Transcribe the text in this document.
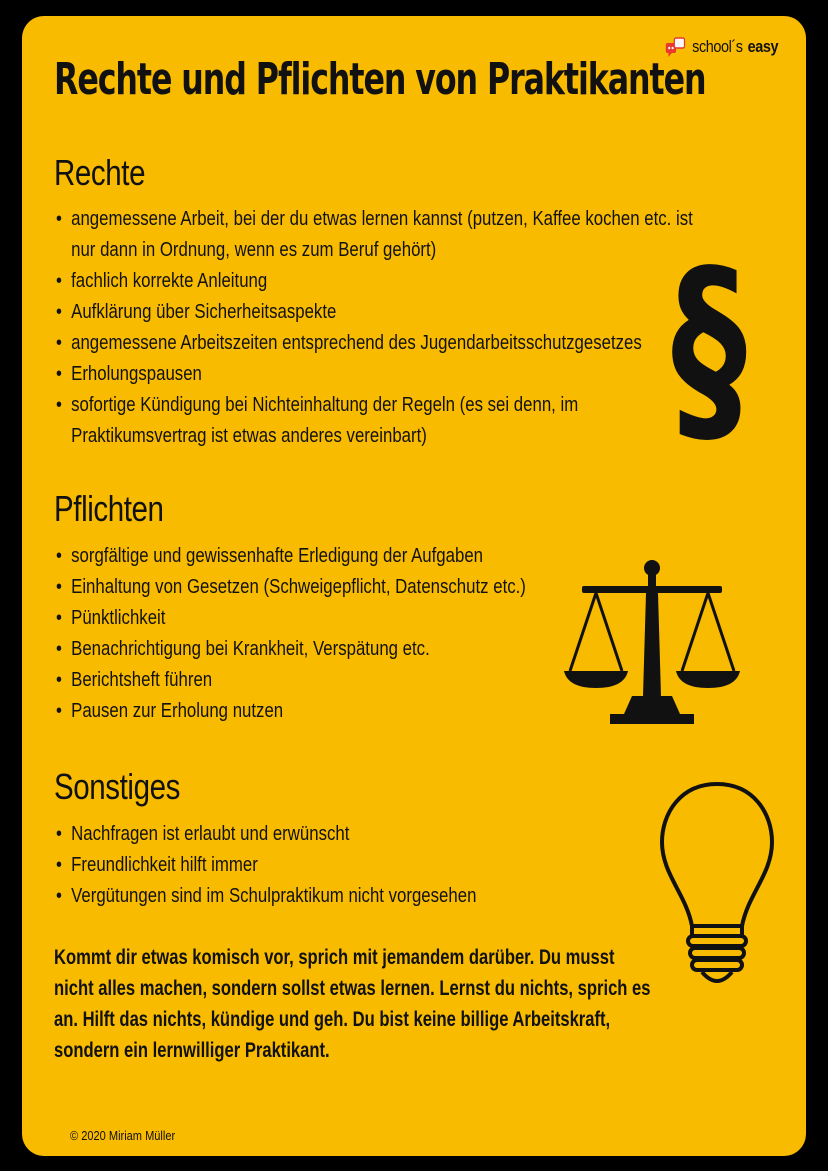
school´s easy
Rechte und Pflichten von Praktikanten
Rechte
• angemessene Arbeit, bei der du etwas lernen kannst (putzen, Kaffee kochen etc. ist nur dann in Ordnung, wenn es zum Beruf gehört)
• fachlich korrekte Anleitung
• Aufklärung über Sicherheitsaspekte
• angemessene Arbeitszeiten entsprechend des Jugendarbeitsschutzgesetzes
• Erholungspausen
• sofortige Kündigung bei Nichteinhaltung der Regeln (es sei denn, im Praktikumsvertrag ist etwas anderes vereinbart)	§
Pflichten
• sorgfältige und gewissenhafte Erledigung der Aufgaben
• Einhaltung von Gesetzen (Schweigepflicht, Datenschutz etc.)
• Pünktlichkeit
• Benachrichtigung bei Krankheit, Verspätung etc.
• Berichtsheft führen
• Pausen zur Erholung nutzen
Sonstiges
• Nachfragen ist erlaubt und erwünscht
• Freundlichkeit hilft immer
• Vergütungen sind im Schulpraktikum nicht vorgesehen

Kommt dir etwas komisch vor, sprich mit jemandem darüber. Du musst nicht alles machen, sondern sollst etwas lernen. Lernst du nichts, sprich es an. Hilft das nichts, kündige und geh. Du bist keine billige Arbeitskraft, sondern ein lernwilliger Praktikant.

© 2020 Miriam Müller
